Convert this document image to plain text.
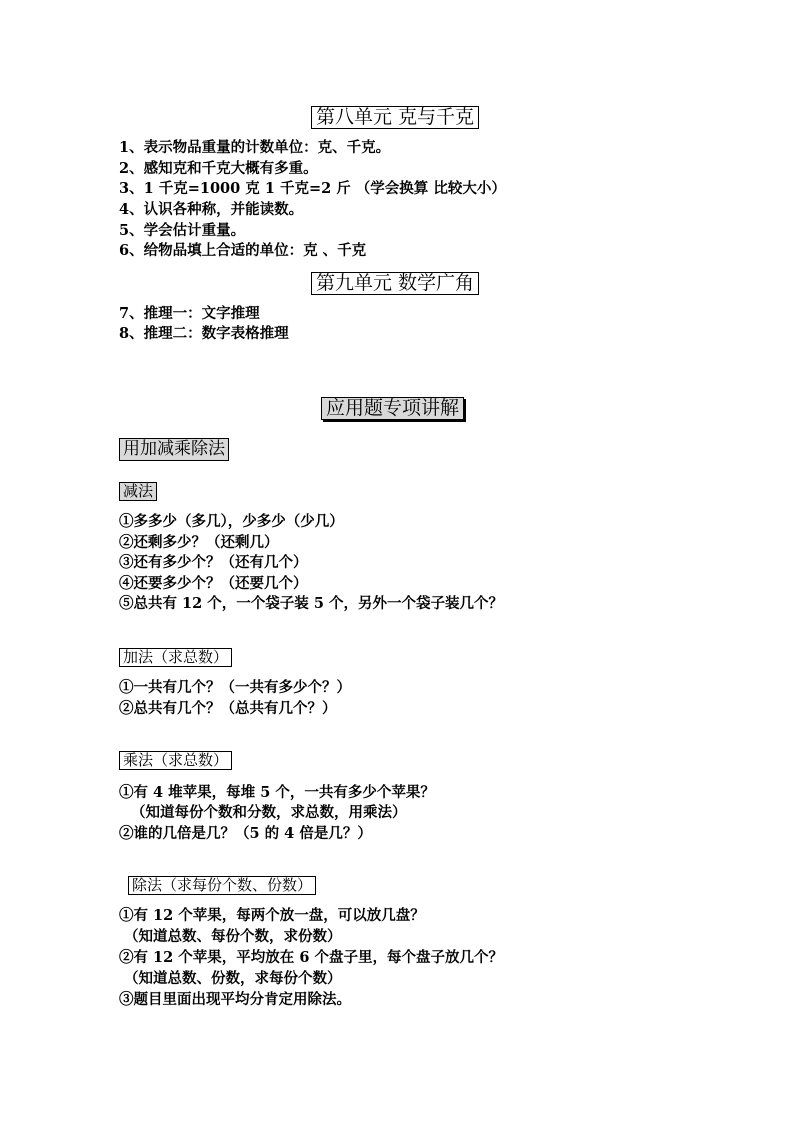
第八单元 克与千克
1、表示物品重量的计数单位：克、千克。
2、感知克和千克大概有多重。
3、1 千克=1000 克 1 千克=2 斤 （学会换算 比较大小）
4、认识各种称，并能读数。
5、学会估计重量。
6、给物品填上合适的单位：克 、千克
第九单元 数学广角
7、推理一：文字推理
8、推理二：数字表格推理
应用题专项讲解
用加减乘除法
减法
①多多少（多几），少多少（少几）
②还剩多少？（还剩几）
③还有多少个？（还有几个）
④还要多少个？（还要几个）
⑤总共有 12 个，一个袋子装 5 个，另外一个袋子装几个？
加法（求总数）
①一共有几个？（一共有多少个？）
②总共有几个？（总共有几个？）
乘法（求总数）
①有 4 堆苹果，每堆 5 个，一共有多少个苹果？
（知道每份个数和分数，求总数，用乘法）
②谁的几倍是几？（5 的 4 倍是几？）
除法（求每份个数、份数）
①有 12 个苹果，每两个放一盘，可以放几盘？
（知道总数、每份个数，求份数）
②有 12 个苹果，平均放在 6 个盘子里，每个盘子放几个？
（知道总数、份数，求每份个数）
③题目里面出现平均分肯定用除法。
